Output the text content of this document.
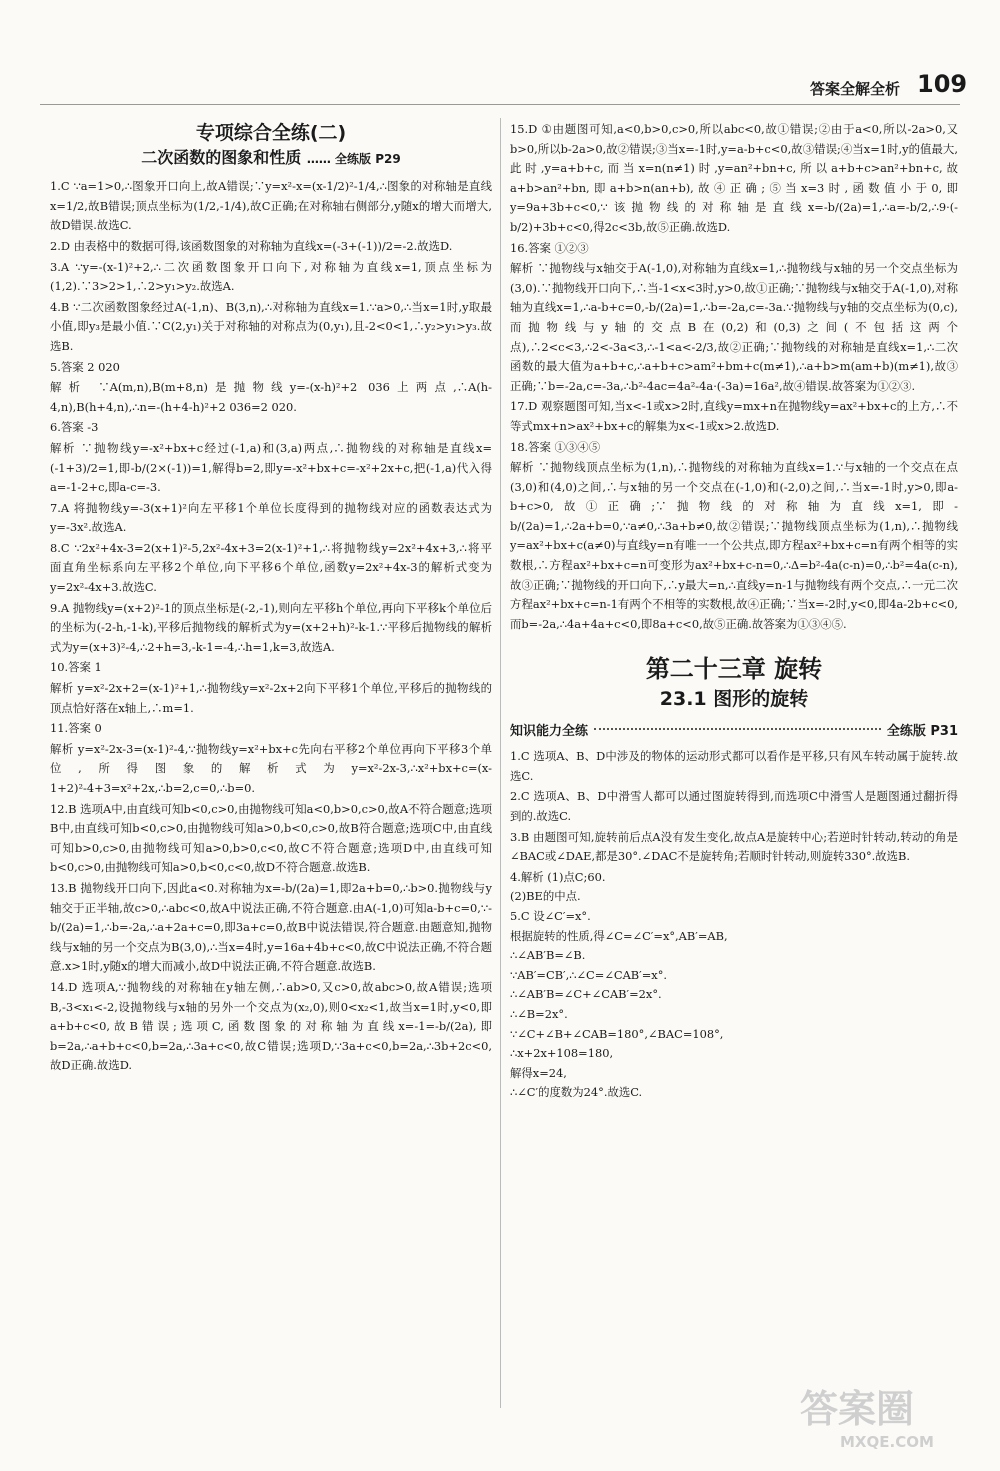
答案全解全析 109
专项综合全练(二)
二次函数的图象和性质 …… 全练版 P29
1.C ∵a=1>0,∴图象开口向上,故A错误;∵y=x²-x=(x-1/2)²-1/4,∴图象的对称轴是直线x=1/2,故B错误;顶点坐标为(1/2,-1/4),故C正确;在对称轴右侧部分,y随x的增大而增大,故D错误.故选C.
2.D 由表格中的数据可得,该函数图象的对称轴为直线x=(-3+(-1))/2=-2.故选D.
3.A ∵y=-(x-1)²+2,∴二次函数图象开口向下,对称轴为直线x=1,顶点坐标为(1,2).∵3>2>1,∴2>y₁>y₂.故选A.
4.B ∵二次函数图象经过A(-1,n)、B(3,n),∴对称轴为直线x=1.∵a>0,∴当x=1时,y取最小值,即y₃是最小值.∵C(2,y₁)关于对称轴的对称点为(0,y₁),且-2<0<1,∴y₂>y₁>y₃.故选B.
5.答案 2 020
解析 ∵A(m,n),B(m+8,n)是抛物线y=-(x-h)²+2 036上两点,∴A(h-4,n),B(h+4,n),∴n=-(h+4-h)²+2 036=2 020.
6.答案 -3
解析 ∵抛物线y=-x²+bx+c经过(-1,a)和(3,a)两点,∴抛物线的对称轴是直线x=(-1+3)/2=1,即-b/(2×(-1))=1,解得b=2,即y=-x²+bx+c=-x²+2x+c,把(-1,a)代入得a=-1-2+c,即a-c=-3.
7.A 将抛物线y=-3(x+1)²向左平移1个单位长度得到的抛物线对应的函数表达式为y=-3x².故选A.
8.C ∵2x²+4x-3=2(x+1)²-5,2x²-4x+3=2(x-1)²+1,∴将抛物线y=2x²+4x+3,∴将平面直角坐标系向左平移2个单位,向下平移6个单位,函数y=2x²+4x-3的解析式变为y=2x²-4x+3.故选C.
9.A 抛物线y=(x+2)²-1的顶点坐标是(-2,-1),则向左平移h个单位,再向下平移k个单位后的坐标为(-2-h,-1-k),平移后抛物线的解析式为y=(x+2+h)²-k-1.∵平移后抛物线的解析式为y=(x+3)²-4,∴2+h=3,-k-1=-4,∴h=1,k=3,故选A.
10.答案 1
解析 y=x²-2x+2=(x-1)²+1,∴抛物线y=x²-2x+2向下平移1个单位,平移后的抛物线的顶点恰好落在x轴上,∴m=1.
11.答案 0
解析 y=x²-2x-3=(x-1)²-4,∵抛物线y=x²+bx+c先向右平移2个单位再向下平移3个单位,所得图象的解析式为y=x²-2x-3,∴x²+bx+c=(x-1+2)²-4+3=x²+2x,∴b=2,c=0,∴b=0.
12.B 选项A中,由直线可知b<0,c>0,由抛物线可知a<0,b>0,c>0,故A不符合题意;选项B中,由直线可知b<0,c>0,由抛物线可知a>0,b<0,c>0,故B符合题意;选项C中,由直线可知b>0,c>0,由抛物线可知a>0,b>0,c<0,故C不符合题意;选项D中,由直线可知b<0,c>0,由抛物线可知a>0,b<0,c<0,故D不符合题意.故选B.
13.B 抛物线开口向下,因此a<0.对称轴为x=-b/(2a)=1,即2a+b=0,∴b>0.抛物线与y轴交于正半轴,故c>0,∴abc<0,故A中说法正确,不符合题意.由A(-1,0)可知a-b+c=0,∵-b/(2a)=1,∴b=-2a,∴a+2a+c=0,即3a+c=0,故B中说法错误,符合题意.由题意知,抛物线与x轴的另一个交点为B(3,0),∴当x=4时,y=16a+4b+c<0,故C中说法正确,不符合题意.x>1时,y随x的增大而减小,故D中说法正确,不符合题意.故选B.
14.D 选项A,∵抛物线的对称轴在y轴左侧,∴ab>0,又c>0,故abc>0,故A错误;选项B,-3<x₁<-2,设抛物线与x轴的另外一个交点为(x₂,0),则0<x₂<1,故当x=1时,y<0,即a+b+c<0,故B错误;选项C,函数图象的对称轴为直线x=-1=-b/(2a),即b=2a,∴a+b+c<0,b=2a,∴3a+c<0,故C错误;选项D,∵3a+c<0,b=2a,∴3b+2c<0,故D正确.故选D.
15.D ①由题图可知,a<0,b>0,c>0,所以abc<0,故①错误;②由于a<0,所以-2a>0,又b>0,所以b-2a>0,故②错误;③当x=-1时,y=a-b+c<0,故③错误;④当x=1时,y的值最大,此时,y=a+b+c,而当x=n(n≠1)时,y=an²+bn+c,所以a+b+c>an²+bn+c,故a+b>an²+bn,即a+b>n(an+b),故④正确;⑤当x=3时,函数值小于0,即y=9a+3b+c<0,∵该抛物线的对称轴是直线x=-b/(2a)=1,∴a=-b/2,∴9·(-b/2)+3b+c<0,得2c<3b,故⑤正确.故选D.
16.答案 ①②③
解析 ∵抛物线与x轴交于A(-1,0),对称轴为直线x=1,∴抛物线与x轴的另一个交点坐标为(3,0).∵抛物线开口向下,∴当-1<x<3时,y>0,故①正确;∵抛物线与x轴交于A(-1,0),对称轴为直线x=1,∴a-b+c=0,-b/(2a)=1,∴b=-2a,c=-3a.∵抛物线与y轴的交点坐标为(0,c),而抛物线与y轴的交点B在(0,2)和(0,3)之间(不包括这两个点),∴2<c<3,∴2<-3a<3,∴-1<a<-2/3,故②正确;∵抛物线的对称轴是直线x=1,∴二次函数的最大值为a+b+c,∴a+b+c>am²+bm+c(m≠1),∴a+b>m(am+b)(m≠1),故③正确;∵b=-2a,c=-3a,∴b²-4ac=4a²-4a·(-3a)=16a²,故④错误.故答案为①②③.
17.D 观察题图可知,当x<-1或x>2时,直线y=mx+n在抛物线y=ax²+bx+c的上方,∴不等式mx+n>ax²+bx+c的解集为x<-1或x>2.故选D.
18.答案 ①③④⑤
解析 ∵抛物线顶点坐标为(1,n),∴抛物线的对称轴为直线x=1.∵与x轴的一个交点在点(3,0)和(4,0)之间,∴与x轴的另一个交点在(-1,0)和(-2,0)之间,∴当x=-1时,y>0,即a-b+c>0,故①正确;∵抛物线的对称轴为直线x=1,即-b/(2a)=1,∴2a+b=0,∵a≠0,∴3a+b≠0,故②错误;∵抛物线顶点坐标为(1,n),∴抛物线y=ax²+bx+c(a≠0)与直线y=n有唯一一个公共点,即方程ax²+bx+c=n有两个相等的实数根,∴方程ax²+bx+c=n可变形为ax²+bx+c-n=0,∴Δ=b²-4a(c-n)=0,∴b²=4a(c-n),故③正确;∵抛物线的开口向下,∴y最大=n,∴直线y=n-1与抛物线有两个交点,∴一元二次方程ax²+bx+c=n-1有两个不相等的实数根,故④正确;∵当x=-2时,y<0,即4a-2b+c<0,而b=-2a,∴4a+4a+c<0,即8a+c<0,故⑤正确.故答案为①③④⑤.
第二十三章 旋转
23.1 图形的旋转
知识能力全练	全练版 P31
1.C 选项A、B、D中涉及的物体的运动形式都可以看作是平移,只有风车转动属于旋转.故选C.
2.C 选项A、B、D中滑雪人都可以通过图旋转得到,而选项C中滑雪人是题图通过翻折得到的.故选C.
3.B 由题图可知,旋转前后点A没有发生变化,故点A是旋转中心;若逆时针转动,转动的角是∠BAC或∠DAE,都是30°.∠DAC不是旋转角;若顺时针转动,则旋转330°.故选B.
4.解析 (1)点C;60.
(2)BE的中点.
5.C 设∠C′=x°.
根据旋转的性质,得∠C=∠C′=x°,AB′=AB,
∴∠AB′B=∠B.
∵AB′=CB′,∴∠C=∠CAB′=x°.
∴∠AB′B=∠C+∠CAB′=2x°.
∴∠B=2x°.
∵∠C+∠B+∠CAB=180°,∠BAC=108°,
∴x+2x+108=180,
解得x=24,
∴∠C′的度数为24°.故选C.
答案圈
MXQE.COM
